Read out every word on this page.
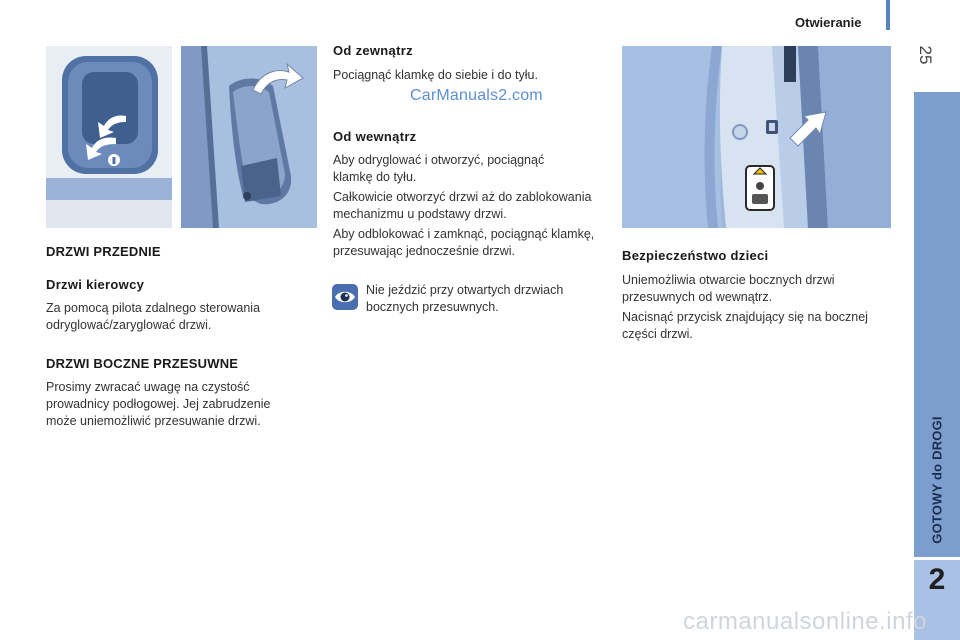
Otwieranie
25
GOTOWY do DROGI
2
DRZWI PRZEDNIE
Drzwi kierowcy
Za pomocą pilota zdalnego sterowania
odryglować/zaryglować drzwi.
DRZWI BOCZNE PRZESUWNE
Prosimy zwracać uwagę na czystość
prowadnicy podłogowej. Jej zabrudzenie
może uniemożliwić przesuwanie drzwi.
Od zewnątrz
Pociągnąć klamkę do siebie i do tyłu.
CarManuals2.com
Od wewnątrz
Aby odryglować i otworzyć, pociągnąć
klamkę do tyłu.
Całkowicie otworzyć drzwi aż do zablokowania
mechanizmu u podstawy drzwi.
Aby odblokować i zamknąć, pociągnąć klamkę,
przesuwając jednocześnie drzwi.
Nie jeździć przy otwartych drzwiach
bocznych przesuwnych.
Bezpieczeństwo dzieci
Uniemożliwia otwarcie bocznych drzwi
przesuwnych od wewnątrz.
Nacisnąć przycisk znajdujący się na bocznej
części drzwi.
carmanualsonline.info
